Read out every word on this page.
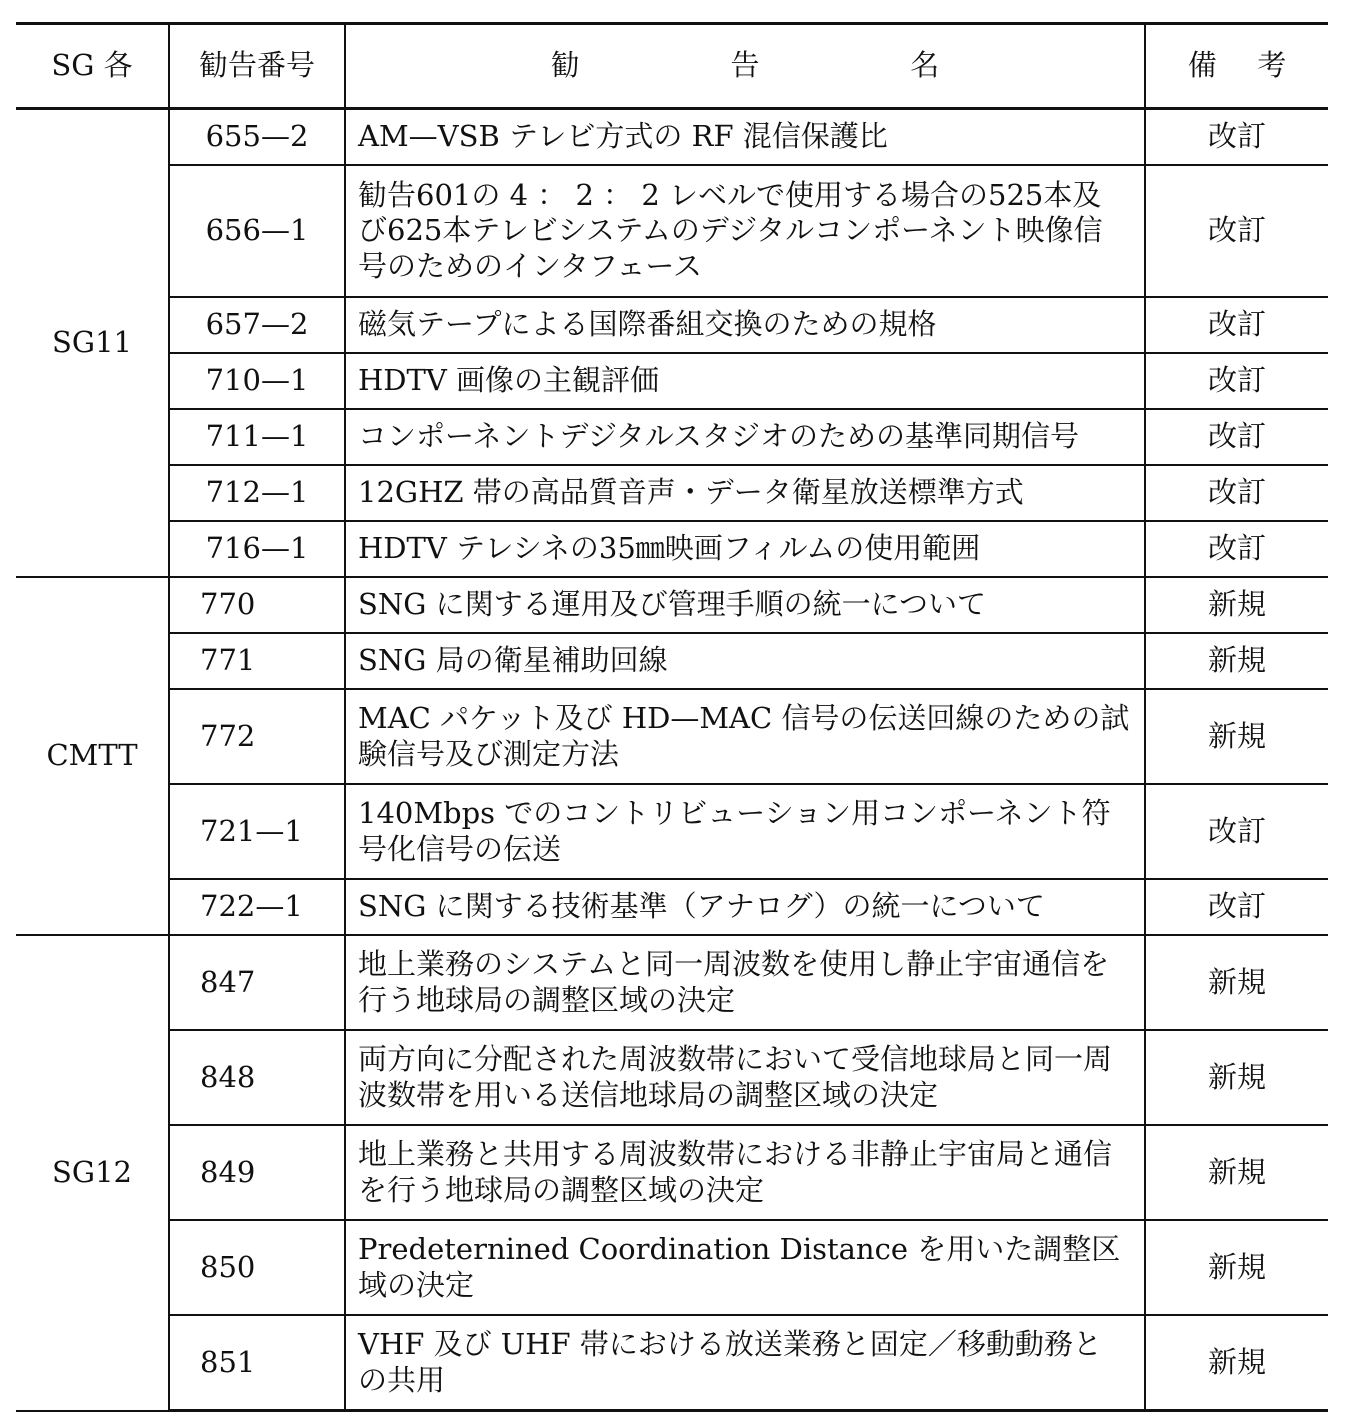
SG 各	勧告番号	勧告名	備考
SG11	655—2	AM—VSB テレビ方式の RF 混信保護比	改訂
	656—1	勧告601の 4 ： 2 ： 2 レベルで使用する場合の525本及び625本テレビシステムのデジタルコンポーネント映像信号のためのインタフェース	改訂
	657—2	磁気テープによる国際番組交換のための規格	改訂
	710—1	HDTV 画像の主観評価	改訂
	711—1	コンポーネントデジタルスタジオのための基準同期信号	改訂
	712—1	12GHZ 帯の高品質音声・データ衛星放送標準方式	改訂
	716—1	HDTV テレシネの35㎜映画フィルムの使用範囲	改訂
CMTT	770	SNG に関する運用及び管理手順の統一について	新規
	771	SNG 局の衛星補助回線	新規
	772	MAC パケット及び HD—MAC 信号の伝送回線のための試験信号及び測定方法	新規
	721—1	140Mbps でのコントリビューション用コンポーネント符号化信号の伝送	改訂
	722—1	SNG に関する技術基準（アナログ）の統一について	改訂
SG12	847	地上業務のシステムと同一周波数を使用し静止宇宙通信を行う地球局の調整区域の決定	新規
	848	両方向に分配された周波数帯において受信地球局と同一周波数帯を用いる送信地球局の調整区域の決定	新規
	849	地上業務と共用する周波数帯における非静止宇宙局と通信を行う地球局の調整区域の決定	新規
	850	Predeternined Coordination Distance を用いた調整区域の決定	新規
	851	VHF 及び UHF 帯における放送業務と固定／移動動務との共用	新規
